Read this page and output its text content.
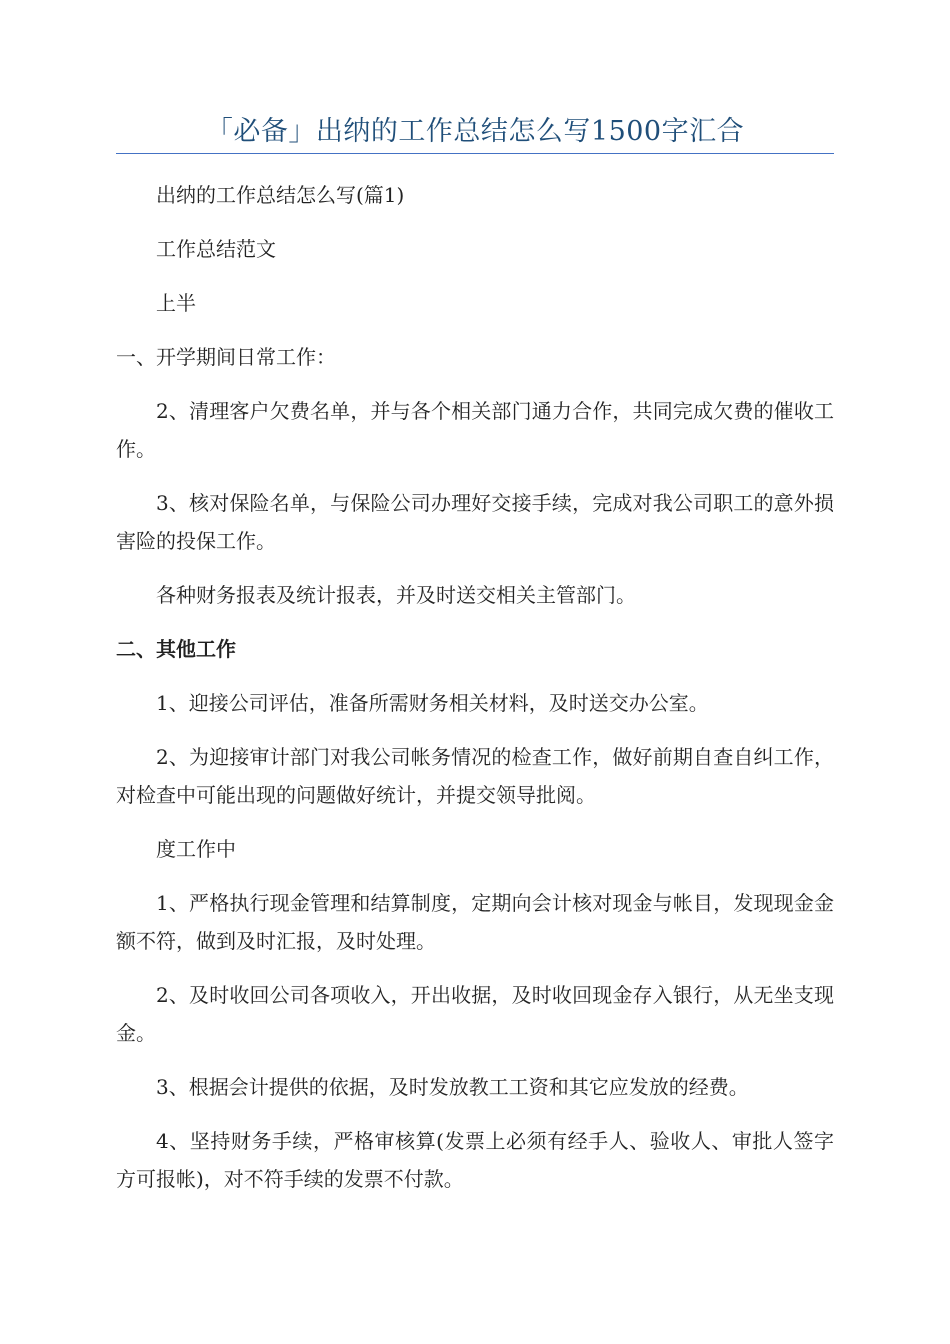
「必备」出纳的工作总结怎么写1500字汇合

出纳的工作总结怎么写(篇1)

工作总结范文

上半

一、开学期间日常工作：

2、清理客户欠费名单，并与各个相关部门通力合作，共同完成欠费的催收工作。

3、核对保险名单，与保险公司办理好交接手续，完成对我公司职工的意外损害险的投保工作。

各种财务报表及统计报表，并及时送交相关主管部门。

二、其他工作

1、迎接公司评估，准备所需财务相关材料，及时送交办公室。

2、为迎接审计部门对我公司帐务情况的检查工作，做好前期自查自纠工作，对检查中可能出现的问题做好统计，并提交领导批阅。

度工作中

1、严格执行现金管理和结算制度，定期向会计核对现金与帐目，发现现金金额不符，做到及时汇报，及时处理。

2、及时收回公司各项收入，开出收据，及时收回现金存入银行，从无坐支现金。

3、根据会计提供的依据，及时发放教工工资和其它应发放的经费。

4、坚持财务手续，严格审核算(发票上必须有经手人、验收人、审批人签字方可报帐)，对不符手续的发票不付款。
